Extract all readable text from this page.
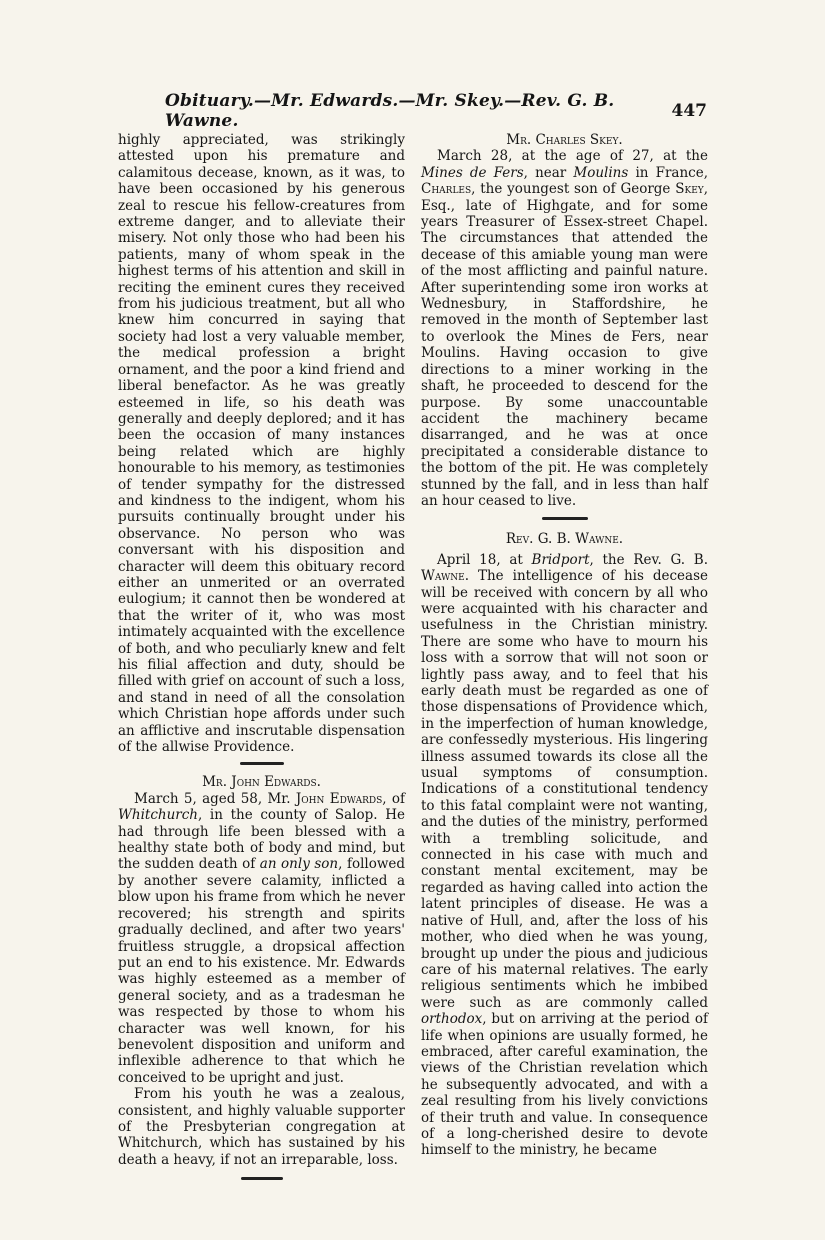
Obituary.—Mr. Edwards.—Mr. Skey.—Rev. G. B. Wawne.	447

highly appreciated, was strikingly attested upon his premature and calamitous decease, known, as it was, to have been occasioned by his generous zeal to rescue his fellow-creatures from extreme danger, and to alleviate their misery. Not only those who had been his patients, many of whom speak in the highest terms of his attention and skill in reciting the eminent cures they received from his judicious treatment, but all who knew him concurred in saying that society had lost a very valuable member, the medical profession a bright ornament, and the poor a kind friend and liberal benefactor. As he was greatly esteemed in life, so his death was generally and deeply deplored; and it has been the occasion of many instances being related which are highly honourable to his memory, as testimonies of tender sympathy for the distressed and kindness to the indigent, whom his pursuits continually brought under his observance. No person who was conversant with his disposition and character will deem this obituary record either an unmerited or an overrated eulogium; it cannot then be wondered at that the writer of it, who was most intimately acquainted with the excellence of both, and who peculiarly knew and felt his filial affection and duty, should be filled with grief on account of such a loss, and stand in need of all the consolation which Christian hope affords under such an afflictive and inscrutable dispensation of the allwise Providence.

Mr. John Edwards.

March 5, aged 58, Mr. John Edwards, of Whitchurch, in the county of Salop. He had through life been blessed with a healthy state both of body and mind, but the sudden death of an only son, followed by another severe calamity, inflicted a blow upon his frame from which he never recovered; his strength and spirits gradually declined, and after two years' fruitless struggle, a dropsical affection put an end to his existence. Mr. Edwards was highly esteemed as a member of general society, and as a tradesman he was respected by those to whom his character was well known, for his benevolent disposition and uniform and inflexible adherence to that which he conceived to be upright and just.

From his youth he was a zealous, consistent, and highly valuable supporter of the Presbyterian congregation at Whitchurch, which has sustained by his death a heavy, if not an irreparable, loss.

Mr. Charles Skey.

March 28, at the age of 27, at the Mines de Fers, near Moulins in France, Charles, the youngest son of George Skey, Esq., late of Highgate, and for some years Treasurer of Essex-street Chapel. The circumstances that attended the decease of this amiable young man were of the most afflicting and painful nature. After superintending some iron works at Wednesbury, in Staffordshire, he removed in the month of September last to overlook the Mines de Fers, near Moulins. Having occasion to give directions to a miner working in the shaft, he proceeded to descend for the purpose. By some unaccountable accident the machinery became disarranged, and he was at once precipitated a considerable distance to the bottom of the pit. He was completely stunned by the fall, and in less than half an hour ceased to live.

Rev. G. B. Wawne.

April 18, at Bridport, the Rev. G. B. Wawne. The intelligence of his decease will be received with concern by all who were acquainted with his character and usefulness in the Christian ministry. There are some who have to mourn his loss with a sorrow that will not soon or lightly pass away, and to feel that his early death must be regarded as one of those dispensations of Providence which, in the imperfection of human knowledge, are confessedly mysterious. His lingering illness assumed towards its close all the usual symptoms of consumption. Indications of a constitutional tendency to this fatal complaint were not wanting, and the duties of the ministry, performed with a trembling solicitude, and connected in his case with much and constant mental excitement, may be regarded as having called into action the latent principles of disease. He was a native of Hull, and, after the loss of his mother, who died when he was young, brought up under the pious and judicious care of his maternal relatives. The early religious sentiments which he imbibed were such as are commonly called orthodox, but on arriving at the period of life when opinions are usually formed, he embraced, after careful examination, the views of the Christian revelation which he subsequently advocated, and with a zeal resulting from his lively convictions of their truth and value. In consequence of a long-cherished desire to devote himself to the ministry, he became
